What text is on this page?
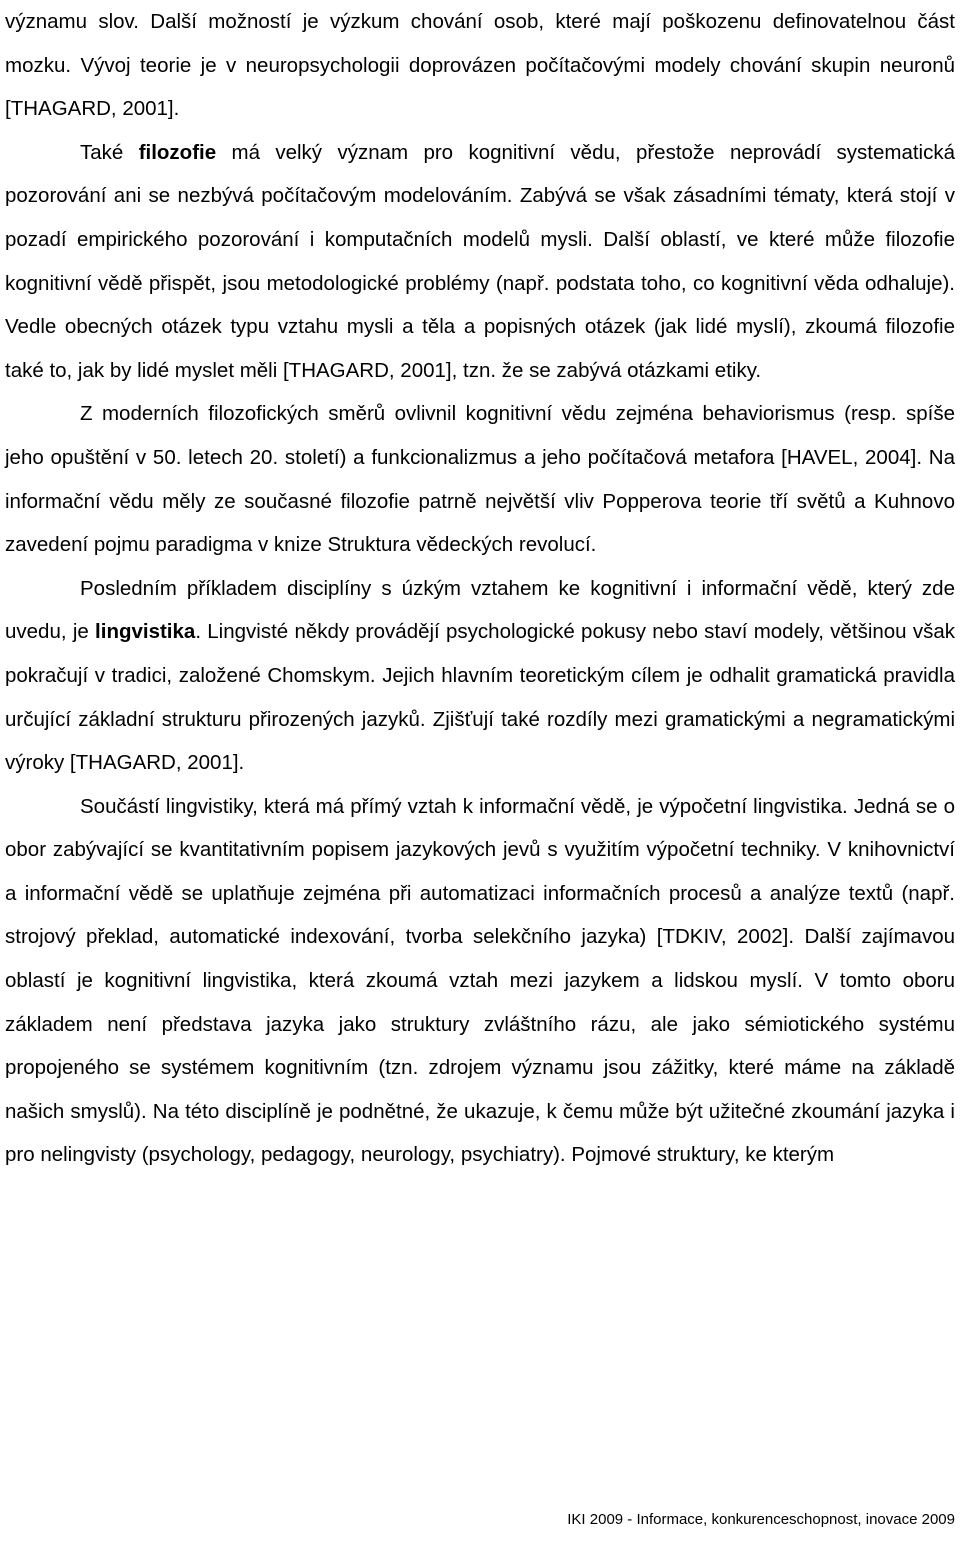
významu slov. Další možností je výzkum chování osob, které mají poškozenu definovatelnou část mozku. Vývoj teorie je v neuropsychologii doprovázen počítačovými modely chování skupin neuronů [THAGARD, 2001].

Také filozofie má velký význam pro kognitivní vědu, přestože neprovádí systematická pozorování ani se nezbývá počítačovým modelováním. Zabývá se však zásadními tématy, která stojí v pozadí empirického pozorování i komputačních modelů mysli. Další oblastí, ve které může filozofie kognitivní vědě přispět, jsou metodologické problémy (např. podstata toho, co kognitivní věda odhaluje). Vedle obecných otázek typu vztahu mysli a těla a popisných otázek (jak lidé myslí), zkoumá filozofie také to, jak by lidé myslet měli [THAGARD, 2001], tzn. že se zabývá otázkami etiky.

Z moderních filozofických směrů ovlivnil kognitivní vědu zejména behaviorismus (resp. spíše jeho opuštění v 50. letech 20. století) a funkcionalizmus a jeho počítačová metafora [HAVEL, 2004]. Na informační vědu měly ze současné filozofie patrně největší vliv Popperova teorie tří světů a Kuhnovo zavedení pojmu paradigma v knize Struktura vědeckých revolucí.

Posledním příkladem disciplíny s úzkým vztahem ke kognitivní i informační vědě, který zde uvedu, je lingvistika. Lingvisté někdy provádějí psychologické pokusy nebo staví modely, většinou však pokračují v tradici, založené Chomskym. Jejich hlavním teoretickým cílem je odhalit gramatická pravidla určující základní strukturu přirozených jazyků. Zjišťují také rozdíly mezi gramatickými a negramatickými výroky [THAGARD, 2001].

Součástí lingvistiky, která má přímý vztah k informační vědě, je výpočetní lingvistika. Jedná se o obor zabývající se kvantitativním popisem jazykových jevů s využitím výpočetní techniky. V knihovnictví a informační vědě se uplatňuje zejména při automatizaci informačních procesů a analýze textů (např. strojový překlad, automatické indexování, tvorba selekčního jazyka) [TDKIV, 2002]. Další zajímavou oblastí je kognitivní lingvistika, která zkoumá vztah mezi jazykem a lidskou myslí. V tomto oboru základem není představa jazyka jako struktury zvláštního rázu, ale jako sémiotického systému propojeného se systémem kognitivním (tzn. zdrojem významu jsou zážitky, které máme na základě našich smyslů). Na této disciplíně je podnětné, že ukazuje, k čemu může být užitečné zkoumání jazyka i pro nelingvisty (psychology, pedagogy, neurology, psychiatry). Pojmové struktury, ke kterým

IKI 2009 - Informace, konkurenceschopnost, inovace 2009
